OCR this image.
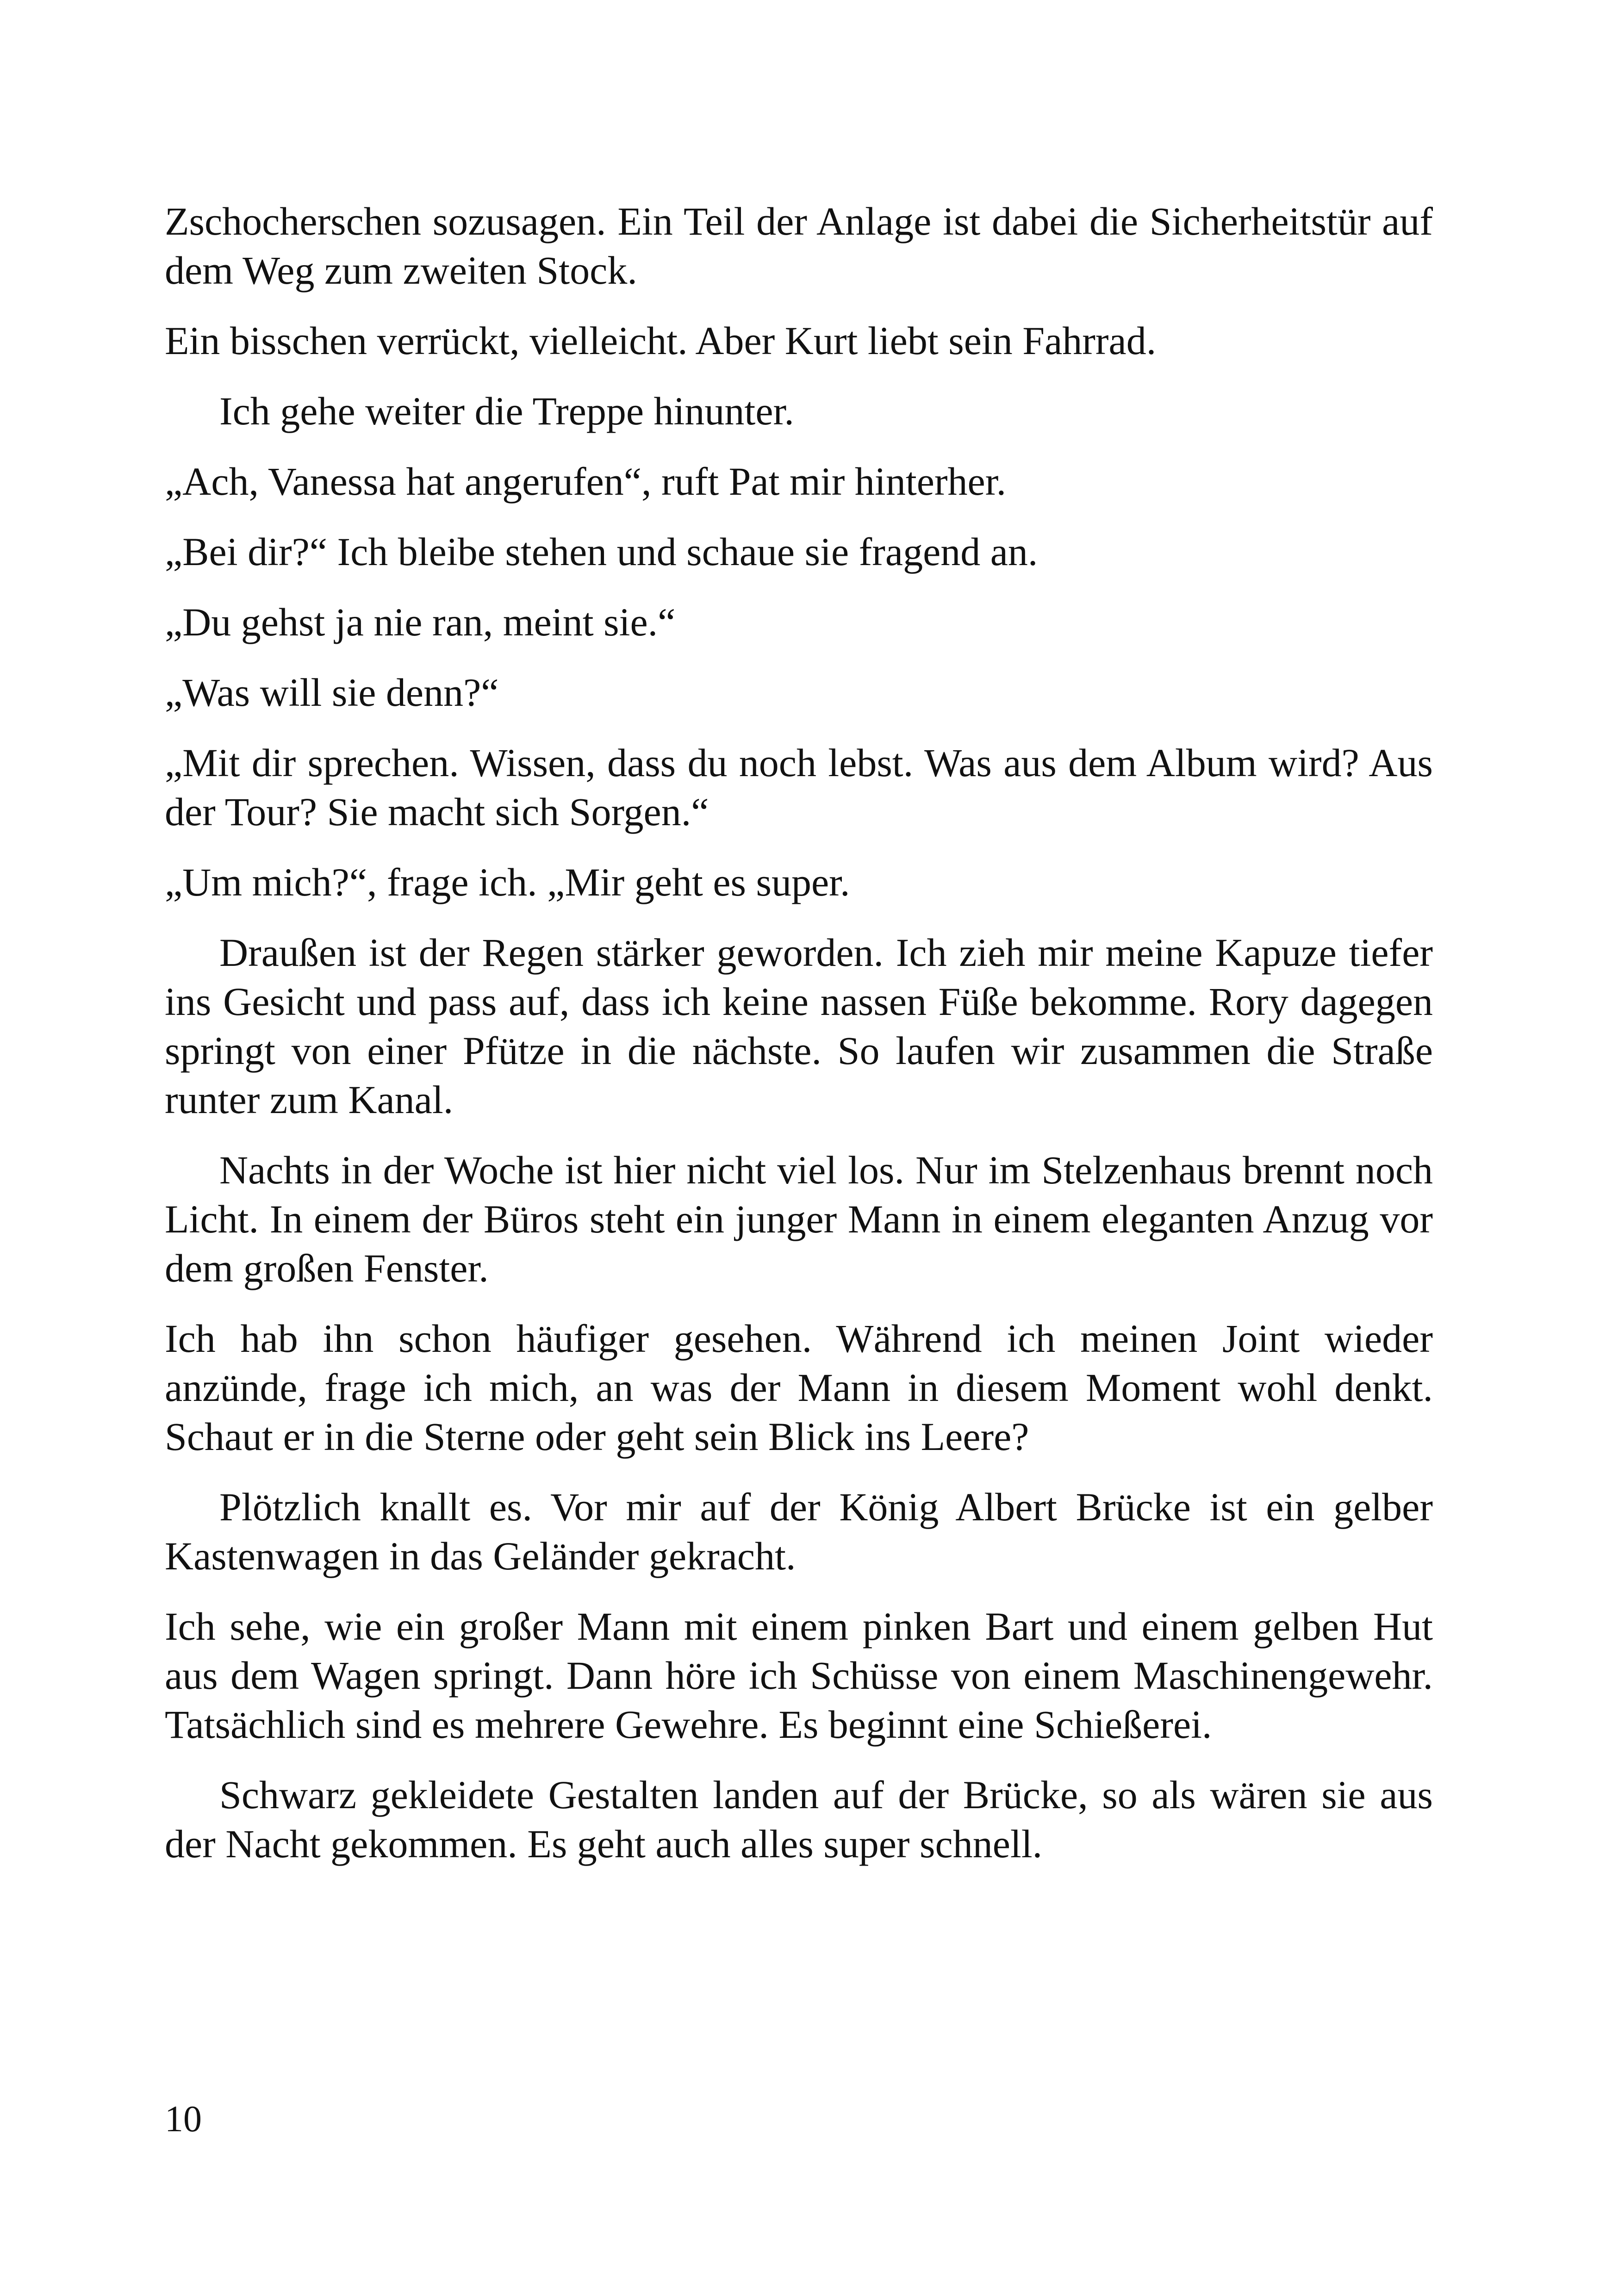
Zschocherschen sozusagen. Ein Teil der Anlage ist dabei die Sicherheitstür auf dem Weg zum zweiten Stock.

Ein bisschen verrückt, vielleicht. Aber Kurt liebt sein Fahrrad.

Ich gehe weiter die Treppe hinunter.

„Ach, Vanessa hat angerufen“, ruft Pat mir hinterher.

„Bei dir?“ Ich bleibe stehen und schaue sie fragend an.

„Du gehst ja nie ran, meint sie.“

„Was will sie denn?“

„Mit dir sprechen. Wissen, dass du noch lebst. Was aus dem Album wird? Aus der Tour? Sie macht sich Sorgen.“

„Um mich?“, frage ich. „Mir geht es super.

Draußen ist der Regen stärker geworden. Ich zieh mir meine Kapuze tiefer ins Gesicht und pass auf, dass ich keine nassen Füße bekomme. Rory dagegen springt von einer Pfütze in die nächste. So laufen wir zusammen die Straße runter zum Kanal.

Nachts in der Woche ist hier nicht viel los. Nur im Stelzenhaus brennt noch Licht. In einem der Büros steht ein junger Mann in einem eleganten Anzug vor dem großen Fenster.

Ich hab ihn schon häufiger gesehen. Während ich meinen Joint wieder anzünde, frage ich mich, an was der Mann in diesem Moment wohl denkt. Schaut er in die Sterne oder geht sein Blick ins Leere?

Plötzlich knallt es. Vor mir auf der König Albert Brücke ist ein gelber Kastenwagen in das Geländer gekracht.

Ich sehe, wie ein großer Mann mit einem pinken Bart und einem gelben Hut aus dem Wagen springt. Dann höre ich Schüsse von einem Maschinengewehr. Tatsächlich sind es mehrere Gewehre. Es beginnt eine Schießerei.

Schwarz gekleidete Gestalten landen auf der Brücke, so als wären sie aus der Nacht gekommen. Es geht auch alles super schnell.

10
